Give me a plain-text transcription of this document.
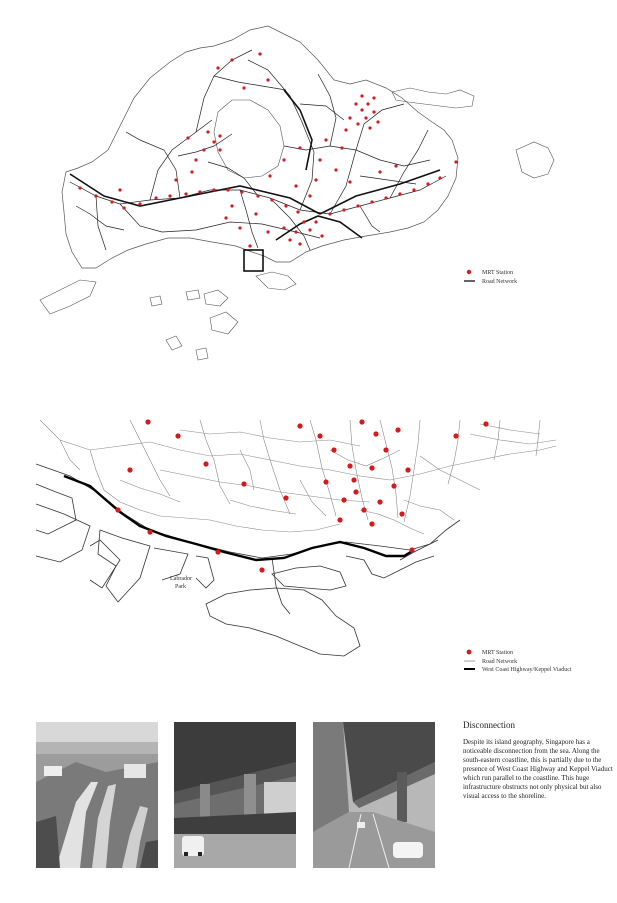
MRT Station
Road Network
Labrador
Park
MRT Station
Road Network
West Coast Highway/Keppel Viaduct
Disconnection

Despite its island geography, Singapore has a noticeable disconnection from the sea. Along the south-eastern coastline, this is partially due to the presence of West Coast Highway and Keppel Viaduct which run parallel to the coastline. This huge infrastructure obstructs not only physical but also visual access to the shoreline.
